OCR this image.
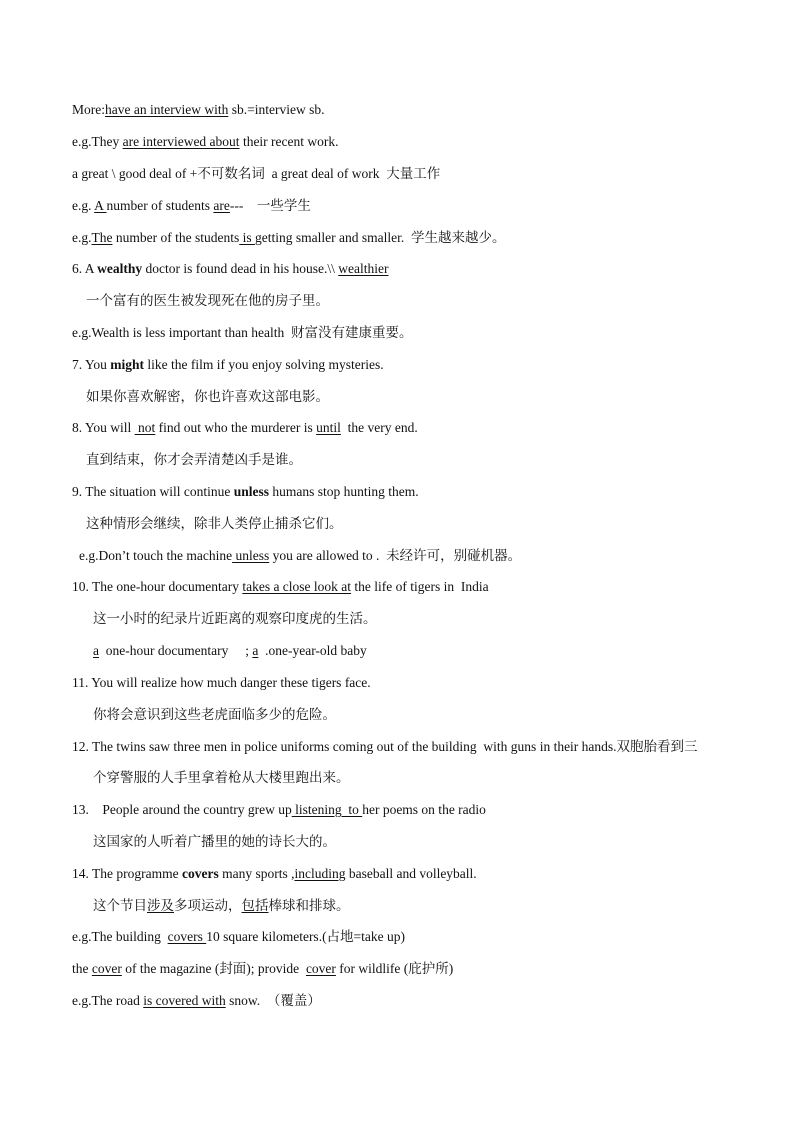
More:have an interview with sb.=interview sb.
e.g.They are interviewed about their recent work.
a great \ good deal of +不可数名词  a great deal of work  大量工作
e.g. A number of students are---    一些学生
e.g.The number of the students is getting smaller and smaller.  学生越来越少。
6. A wealthy doctor is found dead in his house.\\ wealthier
一个富有的医生被发现死在他的房子里。
e.g.Wealth is less important than health  财富没有建康重要。
7. You might like the film if you enjoy solving mysteries.
如果你喜欢解密，你也许喜欢这部电影。
8. You will  not find out who the murderer is until  the very end.
直到结束，你才会弄清楚凶手是谁。
9. The situation will continue unless humans stop hunting them.
这种情形会继续，除非人类停止捕杀它们。
e.g.Don’t touch the machine unless you are allowed to .  未经许可，别碰机器。
10. The one-hour documentary takes a close look at the life of tigers in  India
这一小时的纪录片近距离的观察印度虎的生活。
a  one-hour documentary     ; a  .one-year-old baby
11. You will realize how much danger these tigers face.
你将会意识到这些老虎面临多少的危险。
12. The twins saw three men in police uniforms coming out of the building  with guns in their hands.双胞胎看到三
个穿警服的人手里拿着枪从大楼里跑出来。
13.    People around the country grew up listening  to her poems on the radio
这国家的人听着广播里的她的诗长大的。
14. The programme covers many sports ,including baseball and volleyball.
这个节目涉及多项运动，包括棒球和排球。
e.g.The building  covers 10 square kilometers.(占地=take up)
the cover of the magazine (封面); provide  cover for wildlife (庇护所)
e.g.The road is covered with snow.  （覆盖）
